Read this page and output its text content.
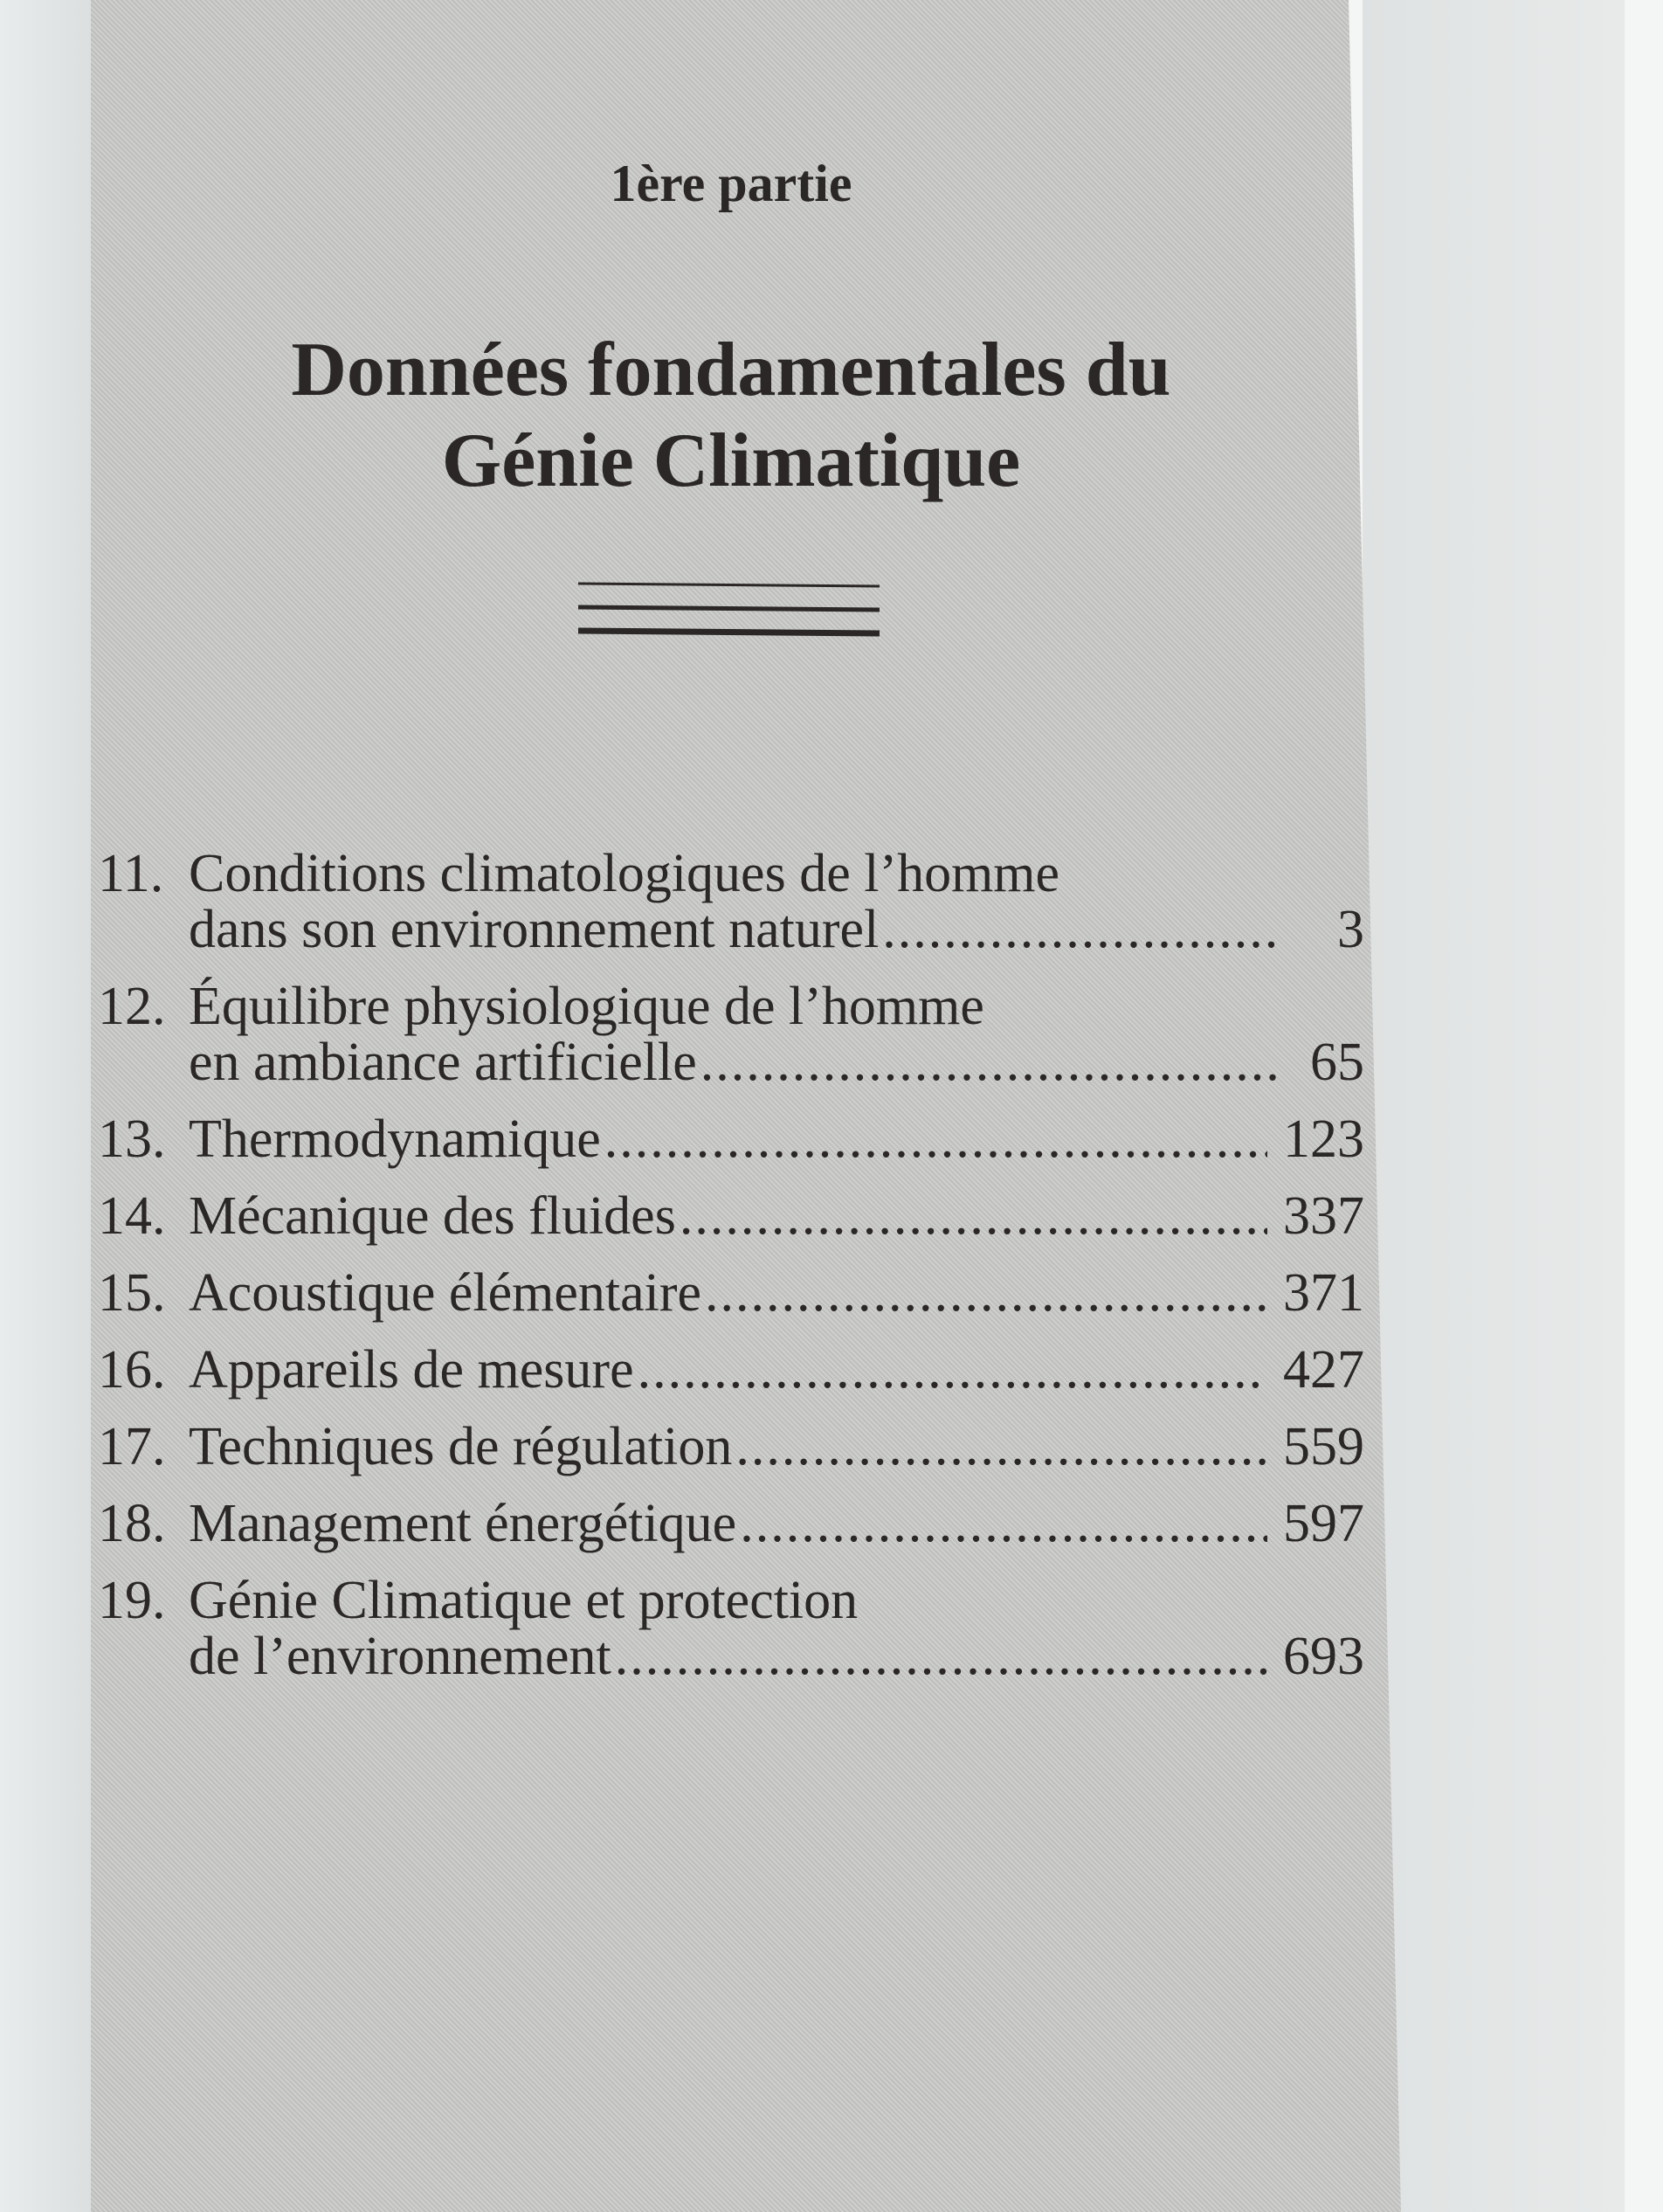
1ère partie
Données fondamentales du
Génie Climatique
11. Conditions climatologiques de l’homme
dans son environnement naturel .....	3
12. Équilibre physiologique de l’homme
en ambiance artificielle .....	65
13. Thermodynamique .....	123
14. Mécanique des fluides .....	337
15. Acoustique élémentaire .....	371
16. Appareils de mesure .....	427
17. Techniques de régulation .....	559
18. Management énergétique .....	597
19. Génie Climatique et protection
de l’environnement .....	693
